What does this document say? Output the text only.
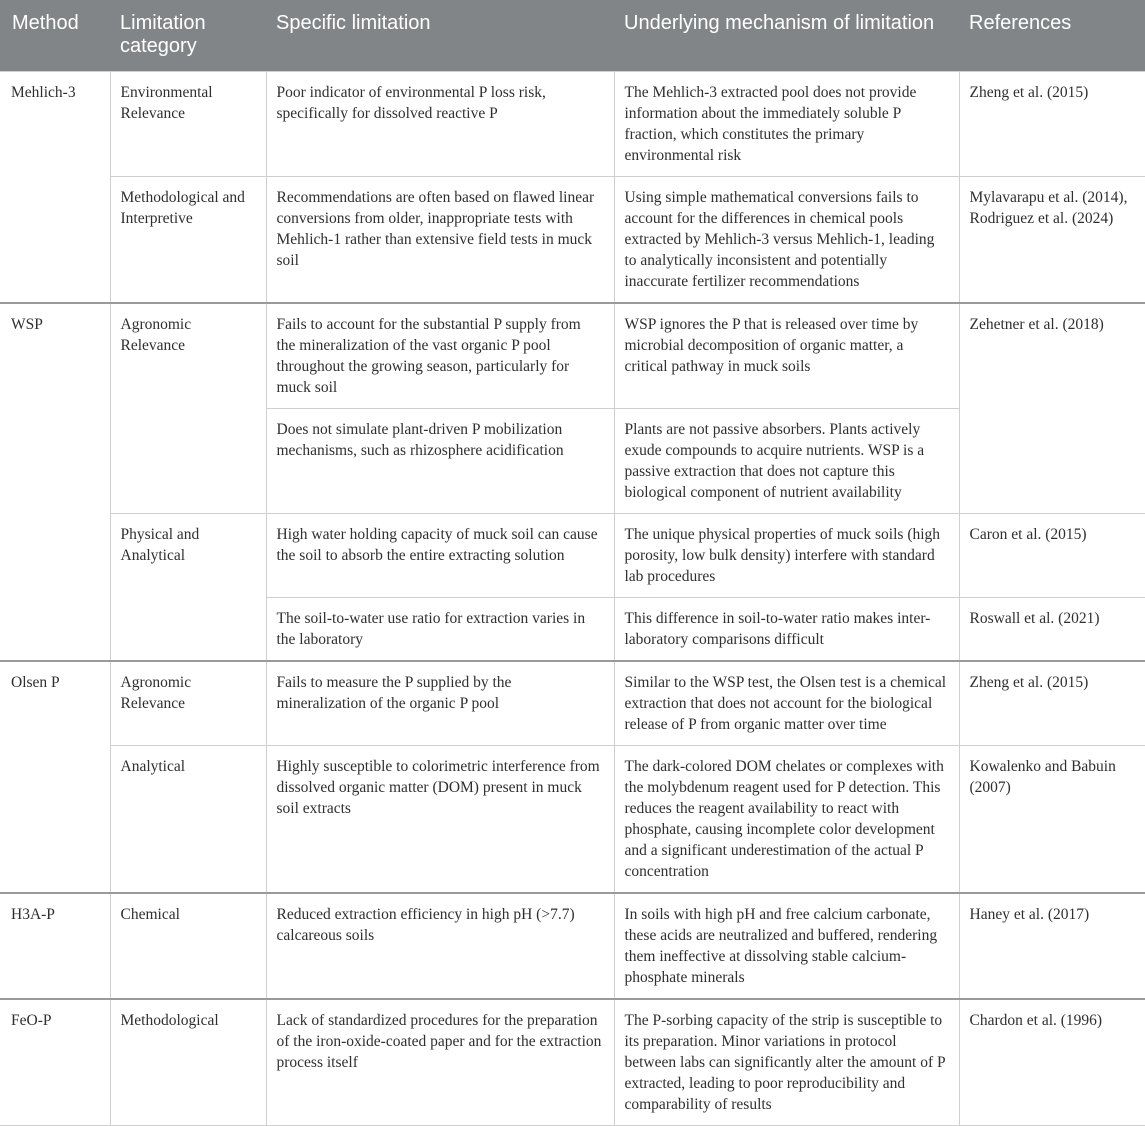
Method	Limitation category	Specific limitation	Underlying mechanism of limitation	References
Mehlich-3	Environmental Relevance	Poor indicator of environmental P loss risk, specifically for dissolved reactive P	The Mehlich-3 extracted pool does not provide information about the immediately soluble P fraction, which constitutes the primary environmental risk	Zheng et al. (2015)
	Methodological and Interpretive	Recommendations are often based on flawed linear conversions from older, inappropriate tests with Mehlich-1 rather than extensive field tests in muck soil	Using simple mathematical conversions fails to account for the differences in chemical pools extracted by Mehlich-3 versus Mehlich-1, leading to analytically inconsistent and potentially inaccurate fertilizer recommendations	Mylavarapu et al. (2014), Rodriguez et al. (2024)
WSP	Agronomic Relevance	Fails to account for the substantial P supply from the mineralization of the vast organic P pool throughout the growing season, particularly for muck soil	WSP ignores the P that is released over time by microbial decomposition of organic matter, a critical pathway in muck soils	Zehetner et al. (2018)
		Does not simulate plant-driven P mobilization mechanisms, such as rhizosphere acidification	Plants are not passive absorbers. Plants actively exude compounds to acquire nutrients. WSP is a passive extraction that does not capture this biological component of nutrient availability	
	Physical and Analytical	High water holding capacity of muck soil can cause the soil to absorb the entire extracting solution	The unique physical properties of muck soils (high porosity, low bulk density) interfere with standard lab procedures	Caron et al. (2015)
		The soil-to-water use ratio for extraction varies in the laboratory	This difference in soil-to-water ratio makes inter-laboratory comparisons difficult	Roswall et al. (2021)
Olsen P	Agronomic Relevance	Fails to measure the P supplied by the mineralization of the organic P pool	Similar to the WSP test, the Olsen test is a chemical extraction that does not account for the biological release of P from organic matter over time	Zheng et al. (2015)
	Analytical	Highly susceptible to colorimetric interference from dissolved organic matter (DOM) present in muck soil extracts	The dark-colored DOM chelates or complexes with the molybdenum reagent used for P detection. This reduces the reagent availability to react with phosphate, causing incomplete color development and a significant underestimation of the actual P concentration	Kowalenko and Babuin (2007)
H3A-P	Chemical	Reduced extraction efficiency in high pH (>7.7) calcareous soils	In soils with high pH and free calcium carbonate, these acids are neutralized and buffered, rendering them ineffective at dissolving stable calcium-phosphate minerals	Haney et al. (2017)
FeO-P	Methodological	Lack of standardized procedures for the preparation of the iron-oxide-coated paper and for the extraction process itself	The P-sorbing capacity of the strip is susceptible to its preparation. Minor variations in protocol between labs can significantly alter the amount of P extracted, leading to poor reproducibility and comparability of results	Chardon et al. (1996)
